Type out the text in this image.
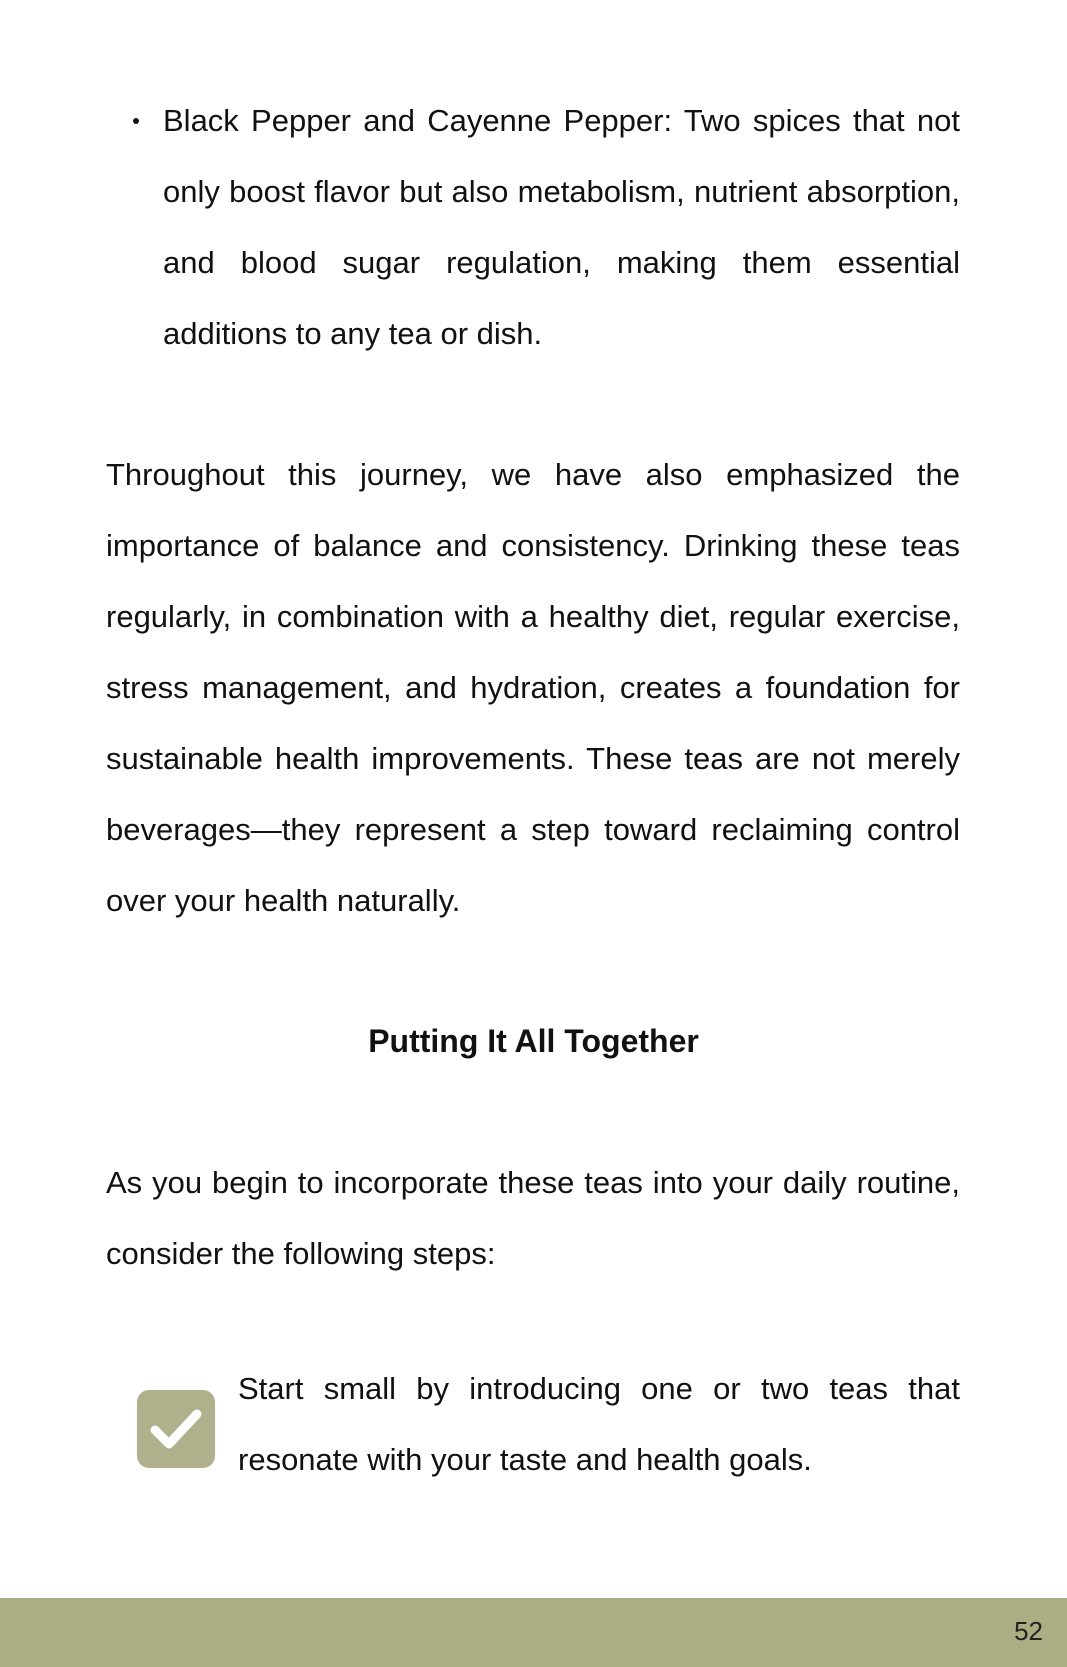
Black Pepper and Cayenne Pepper: Two spices that not only boost flavor but also metabolism, nutrient absorption, and blood sugar regulation, making them essential additions to any tea or dish.
Throughout this journey, we have also emphasized the importance of balance and consistency. Drinking these teas regularly, in combination with a healthy diet, regular exercise, stress management, and hydration, creates a foundation for sustainable health improvements. These teas are not merely beverages—they represent a step toward reclaiming control over your health naturally.
Putting It All Together
As you begin to incorporate these teas into your daily routine, consider the following steps:
Start small by introducing one or two teas that resonate with your taste and health goals.
52
